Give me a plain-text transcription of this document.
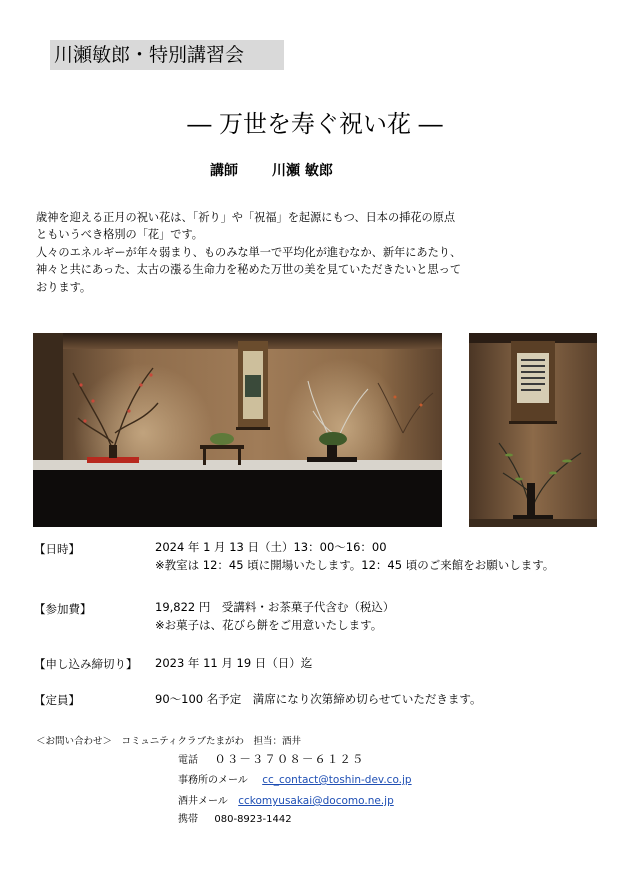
川瀬敏郎・特別講習会
― 万世を寿ぐ祝い花 ―
講師 川瀬 敏郎

歳神を迎える正月の祝い花は、「祈り」や「祝福」を起源にもつ、日本の挿花の原点

ともいうべき格別の「花」です。

人々のエネルギーが年々弱まり、ものみな単一で平均化が進むなか、新年にあたり、

神々と共にあった、太古の漲る生命力を秘めた万世の美を見ていただきたいと思って

おります。

【日時】	2024 年 1 月 13 日（土）13：00～16：00
※教室は 12：45 頃に開場いたします。12：45 頃のご来館をお願いします。
【参加費】	19,822 円　受講料・お茶菓子代含む（税込）
※お菓子は、花びら餅をご用意いたします。
【申し込み締切り】 2023 年 11 月 19 日（日）迄
【定員】	90～100 名予定　満席になり次第締め切らせていただきます。
＜お問い合わせ＞　コミュニティクラブたまがわ　担当：酒井
電話 ０３－３７０８－６１２５
事務所のメール cc_contact@toshin-dev.co.jp
酒井メール cckomyusakai@docomo.ne.jp
携帯 080-8923-1442
